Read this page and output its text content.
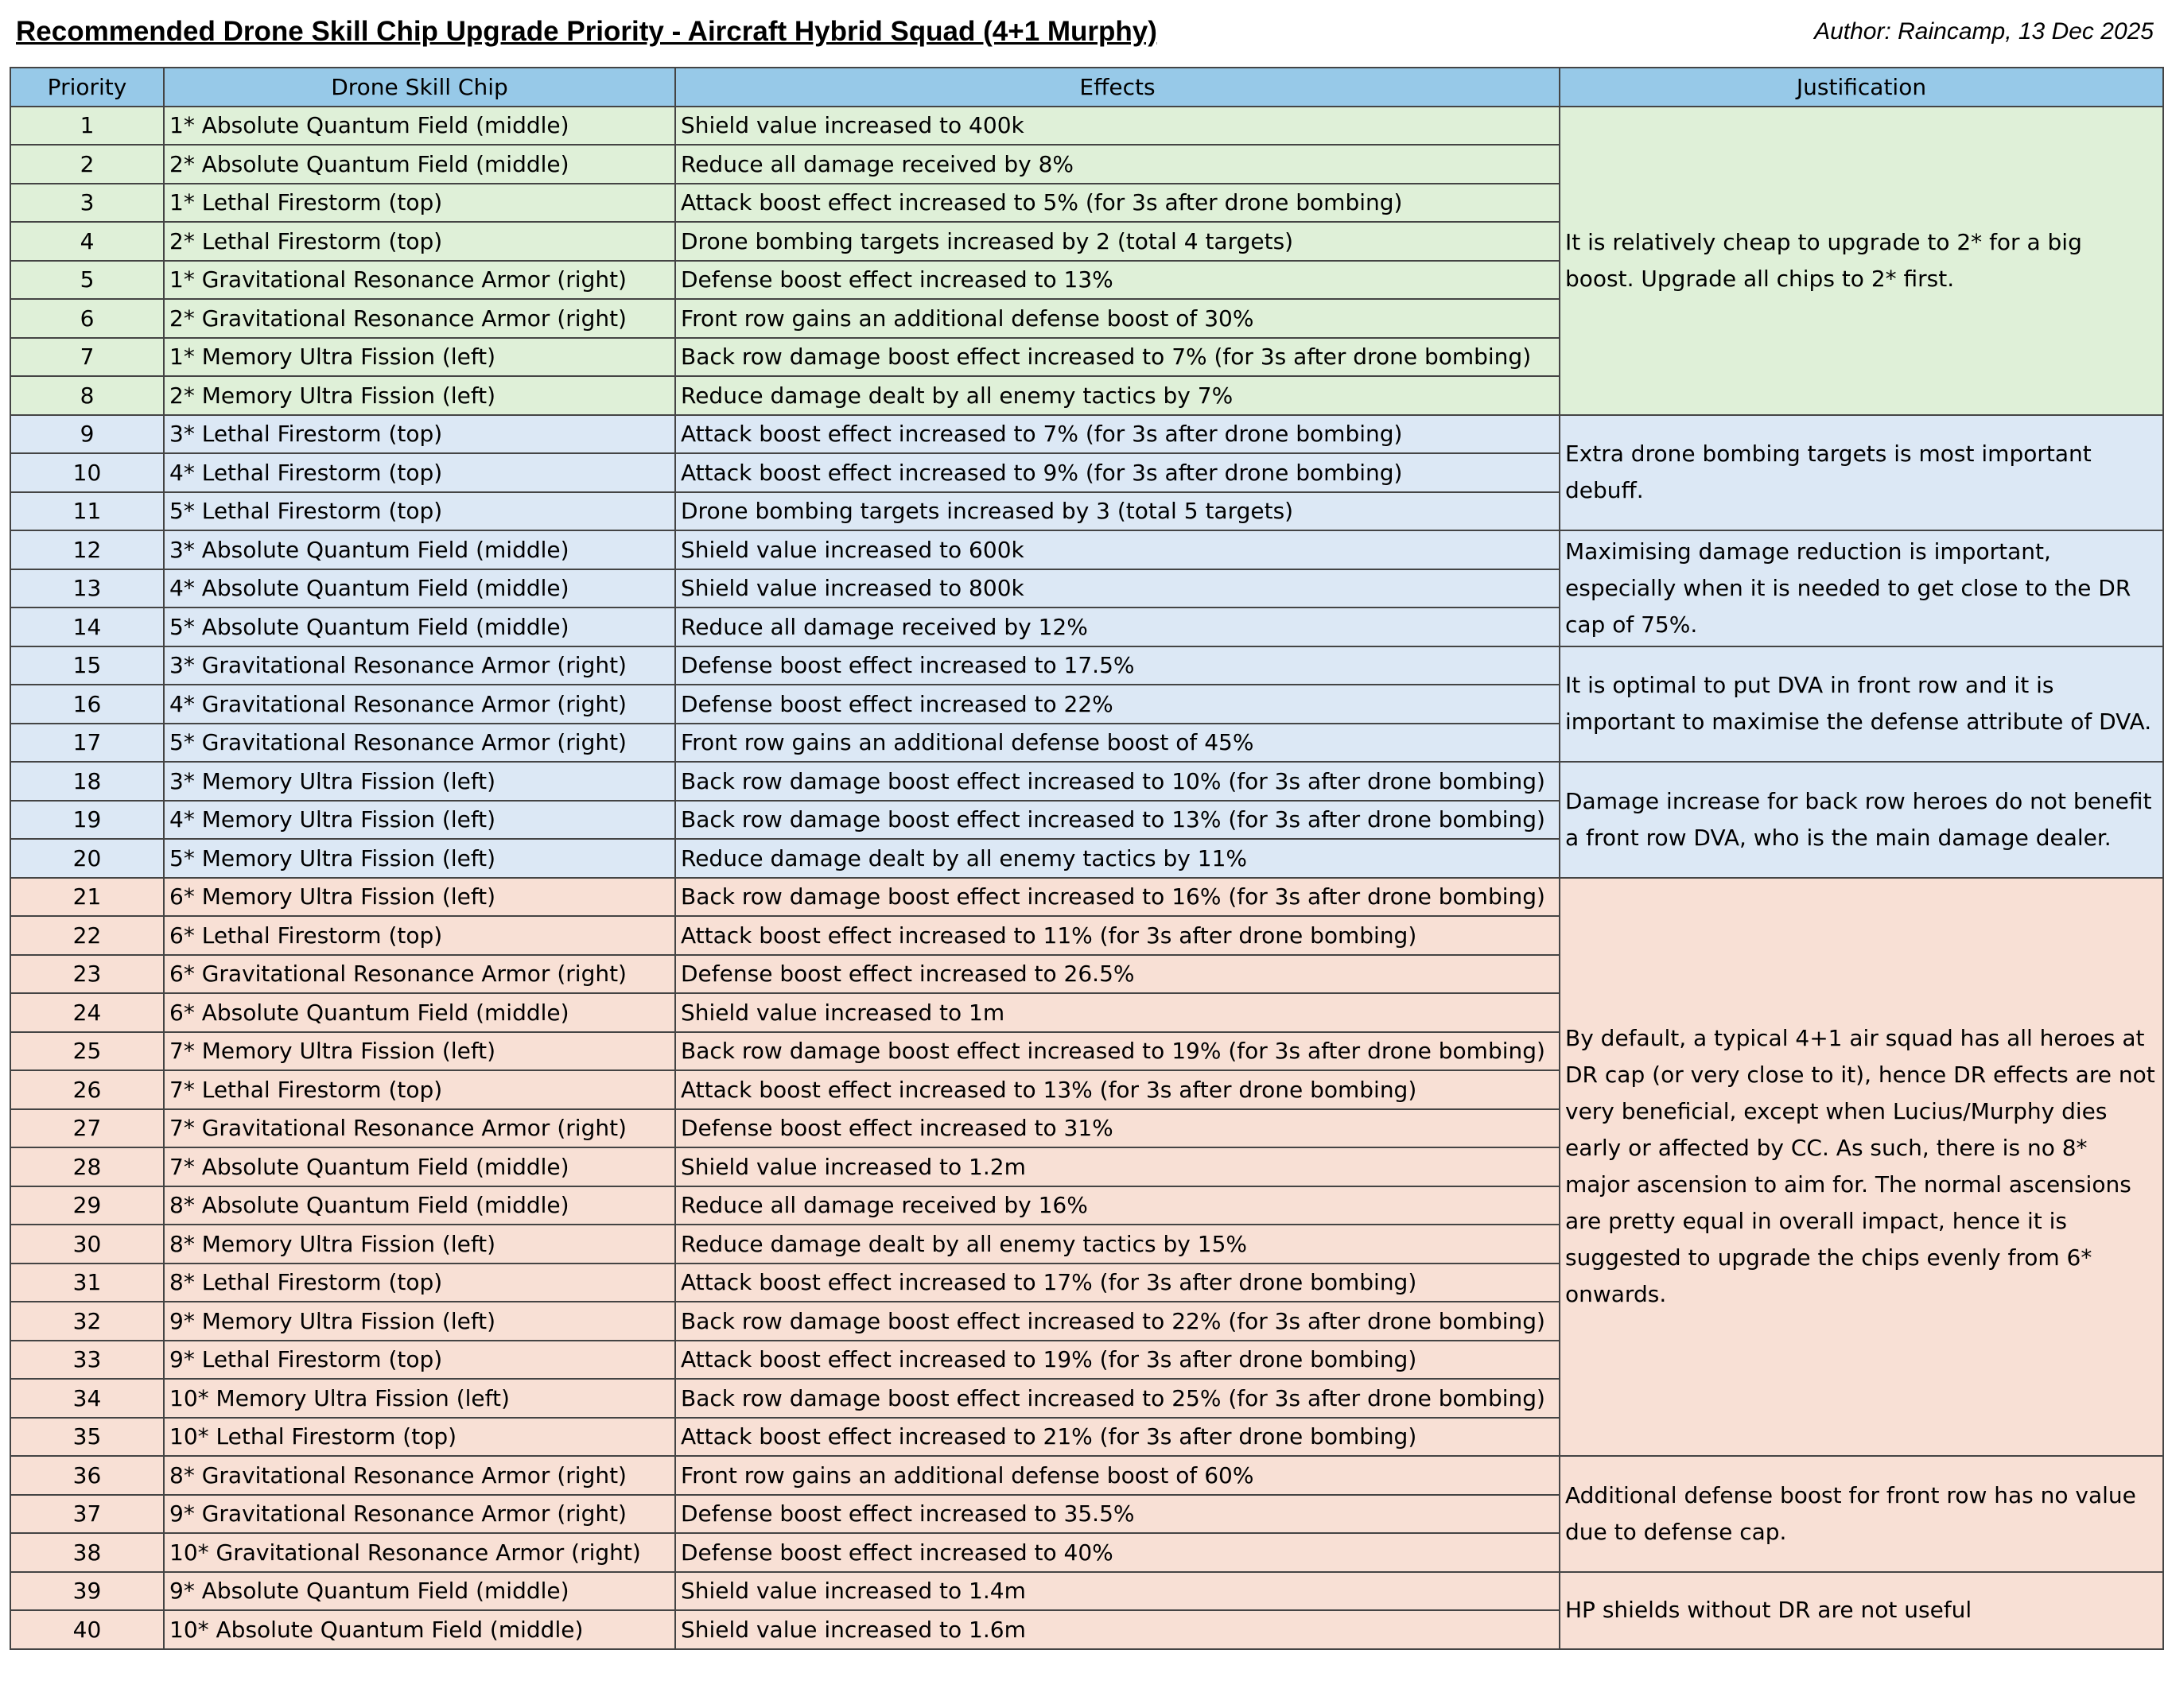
Recommended Drone Skill Chip Upgrade Priority - Aircraft Hybrid Squad (4+1 Murphy)	Author: Raincamp, 13 Dec 2025
Priority	Drone Skill Chip	Effects	Justification
1	1* Absolute Quantum Field (middle)	Shield value increased to 400k	It is relatively cheap to upgrade to 2* for a big boost. Upgrade all chips to 2* first.
2	2* Absolute Quantum Field (middle)	Reduce all damage received by 8%	
3	1* Lethal Firestorm (top)	Attack boost effect increased to 5% (for 3s after drone bombing)	
4	2* Lethal Firestorm (top)	Drone bombing targets increased by 2 (total 4 targets)	
5	1* Gravitational Resonance Armor (right)	Defense boost effect increased to 13%	
6	2* Gravitational Resonance Armor (right)	Front row gains an additional defense boost of 30%	
7	1* Memory Ultra Fission (left)	Back row damage boost effect increased to 7% (for 3s after drone bombing)	
8	2* Memory Ultra Fission (left)	Reduce damage dealt by all enemy tactics by 7%	
9	3* Lethal Firestorm (top)	Attack boost effect increased to 7% (for 3s after drone bombing)	Extra drone bombing targets is most important debuff.
10	4* Lethal Firestorm (top)	Attack boost effect increased to 9% (for 3s after drone bombing)	
11	5* Lethal Firestorm (top)	Drone bombing targets increased by 3 (total 5 targets)	
12	3* Absolute Quantum Field (middle)	Shield value increased to 600k	Maximising damage reduction is important, especially when it is needed to get close to the DR cap of 75%.
13	4* Absolute Quantum Field (middle)	Shield value increased to 800k	
14	5* Absolute Quantum Field (middle)	Reduce all damage received by 12%	
15	3* Gravitational Resonance Armor (right)	Defense boost effect increased to 17.5%	It is optimal to put DVA in front row and it is important to maximise the defense attribute of DVA.
16	4* Gravitational Resonance Armor (right)	Defense boost effect increased to 22%	
17	5* Gravitational Resonance Armor (right)	Front row gains an additional defense boost of 45%	
18	3* Memory Ultra Fission (left)	Back row damage boost effect increased to 10% (for 3s after drone bombing)	Damage increase for back row heroes do not benefit a front row DVA, who is the main damage dealer.
19	4* Memory Ultra Fission (left)	Back row damage boost effect increased to 13% (for 3s after drone bombing)	
20	5* Memory Ultra Fission (left)	Reduce damage dealt by all enemy tactics by 11%	
21	6* Memory Ultra Fission (left)	Back row damage boost effect increased to 16% (for 3s after drone bombing)	By default, a typical 4+1 air squad has all heroes at DR cap (or very close to it), hence DR effects are not very beneficial, except when Lucius/Murphy dies early or affected by CC. As such, there is no 8* major ascension to aim for. The normal ascensions are pretty equal in overall impact, hence it is suggested to upgrade the chips evenly from 6* onwards.
22	6* Lethal Firestorm (top)	Attack boost effect increased to 11% (for 3s after drone bombing)	
23	6* Gravitational Resonance Armor (right)	Defense boost effect increased to 26.5%	
24	6* Absolute Quantum Field (middle)	Shield value increased to 1m	
25	7* Memory Ultra Fission (left)	Back row damage boost effect increased to 19% (for 3s after drone bombing)	
26	7* Lethal Firestorm (top)	Attack boost effect increased to 13% (for 3s after drone bombing)	
27	7* Gravitational Resonance Armor (right)	Defense boost effect increased to 31%	
28	7* Absolute Quantum Field (middle)	Shield value increased to 1.2m	
29	8* Absolute Quantum Field (middle)	Reduce all damage received by 16%	
30	8* Memory Ultra Fission (left)	Reduce damage dealt by all enemy tactics by 15%	
31	8* Lethal Firestorm (top)	Attack boost effect increased to 17% (for 3s after drone bombing)	
32	9* Memory Ultra Fission (left)	Back row damage boost effect increased to 22% (for 3s after drone bombing)	
33	9* Lethal Firestorm (top)	Attack boost effect increased to 19% (for 3s after drone bombing)	
34	10* Memory Ultra Fission (left)	Back row damage boost effect increased to 25% (for 3s after drone bombing)	
35	10* Lethal Firestorm (top)	Attack boost effect increased to 21% (for 3s after drone bombing)	
36	8* Gravitational Resonance Armor (right)	Front row gains an additional defense boost of 60%	Additional defense boost for front row has no value due to defense cap.
37	9* Gravitational Resonance Armor (right)	Defense boost effect increased to 35.5%	
38	10* Gravitational Resonance Armor (right)	Defense boost effect increased to 40%	
39	9* Absolute Quantum Field (middle)	Shield value increased to 1.4m	HP shields without DR are not useful
40	10* Absolute Quantum Field (middle)	Shield value increased to 1.6m	
